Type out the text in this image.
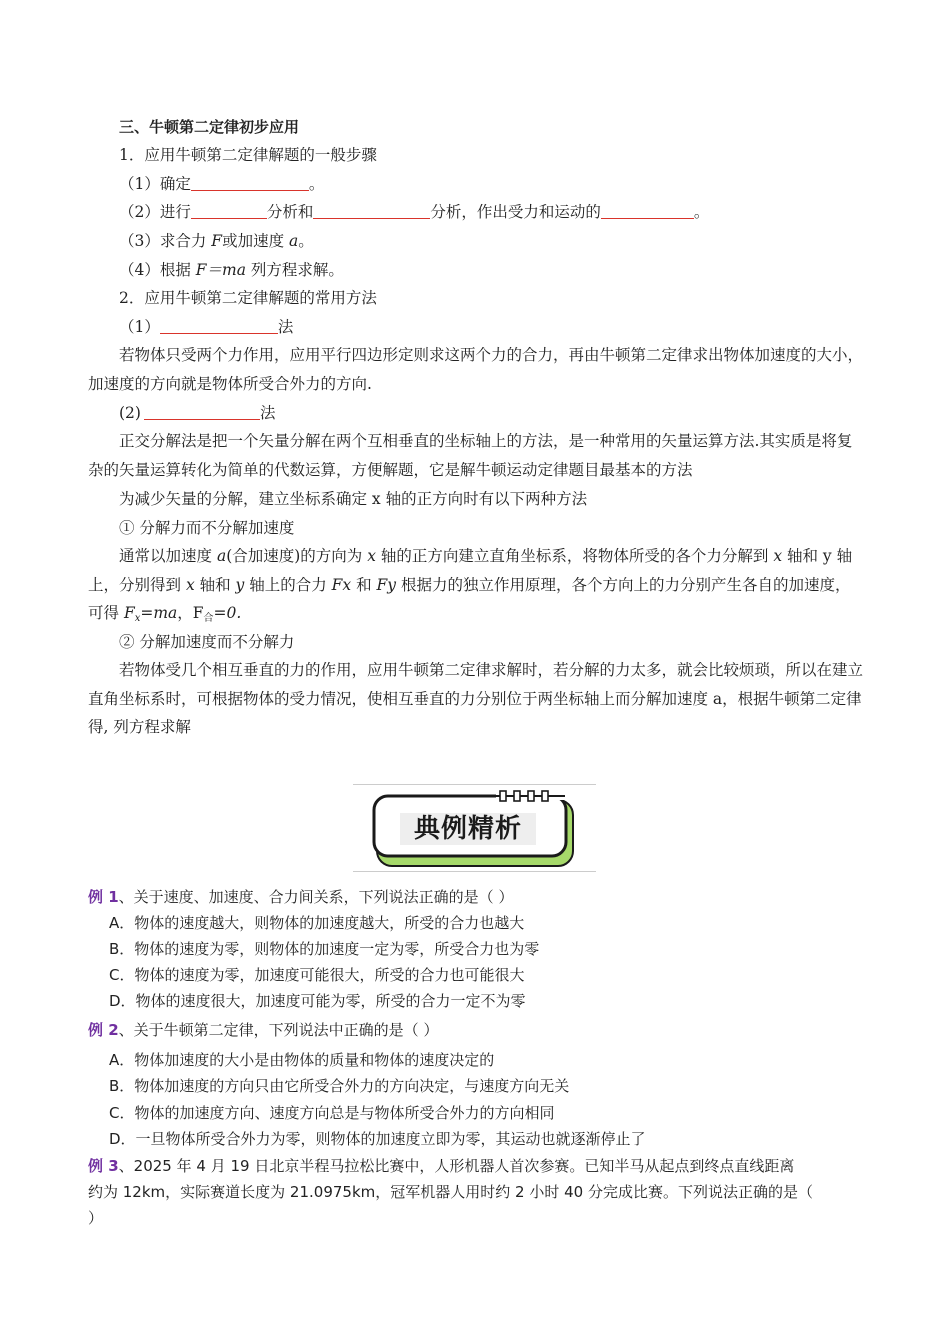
三、牛顿第二定律初步应用
1．应用牛顿第二定律解题的一般步骤
（1）确定	。
（2）进行	分析和	分析，作出受力和运动的	。
（3）求合力 F或加速度 a。
（4）根据 F＝ma 列方程求解。
2．应用牛顿第二定律解题的常用方法
（1）	法
若物体只受两个力作用，应用平行四边形定则求这两个力的合力，再由牛顿第二定律求出物体加速度的大小，加速度的方向就是物体所受合外力的方向.
(2)	法
正交分解法是把一个矢量分解在两个互相垂直的坐标轴上的方法，是一种常用的矢量运算方法.其实质是将复杂的矢量运算转化为简单的代数运算，方便解题，它是解牛顿运动定律题目最基本的方法
为减少矢量的分解，建立坐标系确定 x 轴的正方向时有以下两种方法
① 分解力而不分解加速度
通常以加速度 a(合加速度)的方向为 x 轴的正方向建立直角坐标系，将物体所受的各个力分解到 x 轴和 y 轴上，分别得到 x 轴和 y 轴上的合力 Fx 和 Fy 根据力的独立作用原理，各个方向上的力分别产生各自的加速度，可得 $F_x=ma$，$F_合=0$.
② 分解加速度而不分解力
若物体受几个相互垂直的力的作用，应用牛顿第二定律求解时，若分解的力太多，就会比较烦琐，所以在建立直角坐标系时，可根据物体的受力情况，使相互垂直的力分别位于两坐标轴上而分解加速度 a，根据牛顿第二定律得, 列方程求解
典例精析
例 1、关于速度、加速度、合力间关系，下列说法正确的是（ ）
A．物体的速度越大，则物体的加速度越大，所受的合力也越大
B．物体的速度为零，则物体的加速度一定为零，所受合力也为零
C．物体的速度为零，加速度可能很大，所受的合力也可能很大
D．物体的速度很大，加速度可能为零，所受的合力一定不为零
例 2、关于牛顿第二定律，下列说法中正确的是（ ）
A．物体加速度的大小是由物体的质量和物体的速度决定的
B．物体加速度的方向只由它所受合外力的方向决定，与速度方向无关
C．物体的加速度方向、速度方向总是与物体所受合外力的方向相同
D．一旦物体所受合外力为零，则物体的加速度立即为零，其运动也就逐渐停止了
例 3、2025 年 4 月 19 日北京半程马拉松比赛中，人形机器人首次参赛。已知半马从起点到终点直线距离
约为 12km，实际赛道长度为 21.0975km，冠军机器人用时约 2 小时 40 分完成比赛。下列说法正确的是（
）
